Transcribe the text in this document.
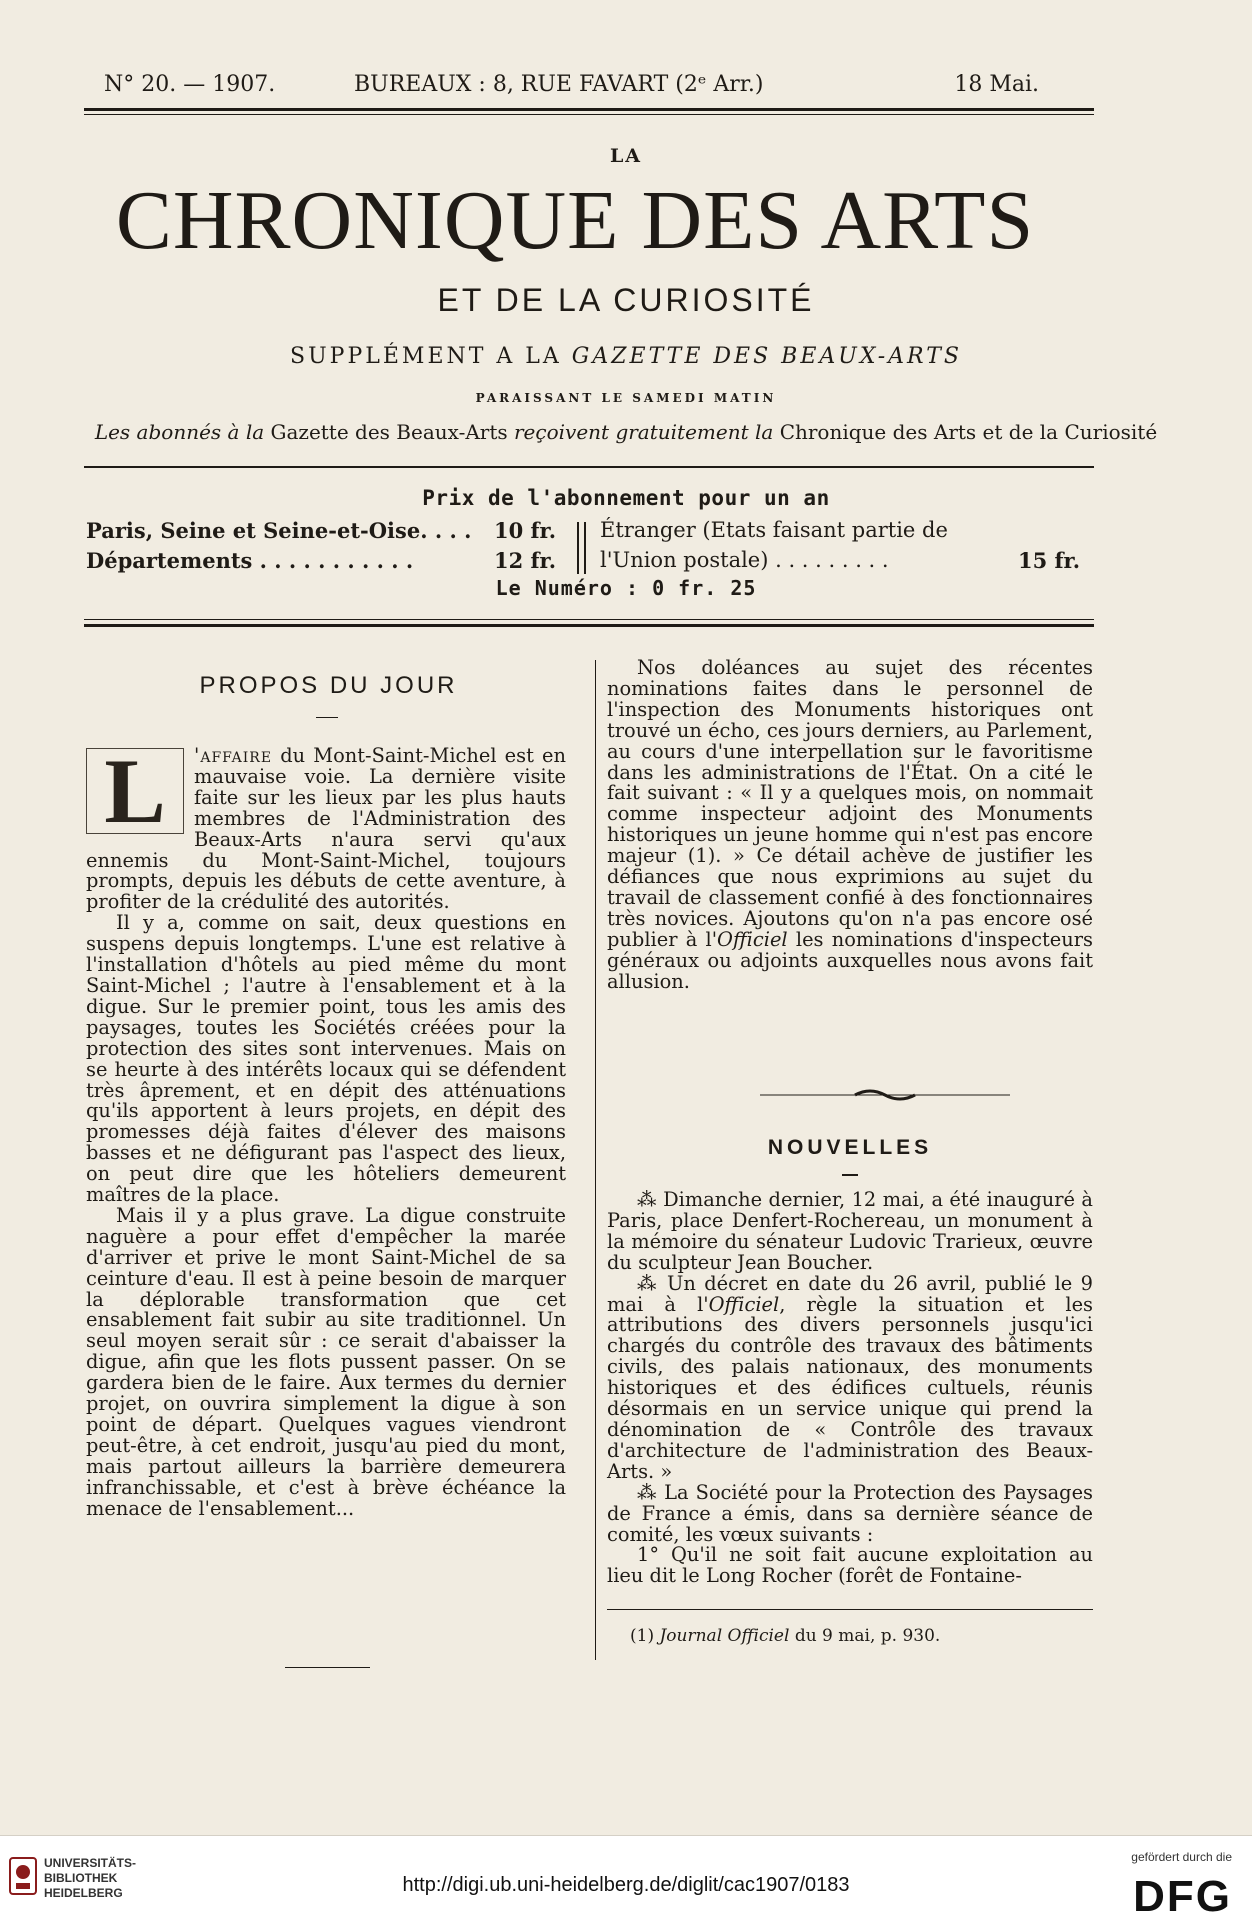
N° 20. — 1907.	BUREAUX : 8, RUE FAVART (2ᵉ Arr.)	18 Mai.
LA
CHRONIQUE DES ARTS
ET DE LA CURIOSITÉ
SUPPLÉMENT A LA GAZETTE DES BEAUX-ARTS
PARAISSANT LE SAMEDI MATIN
Les abonnés à la Gazette des Beaux-Arts reçoivent gratuitement la Chronique des Arts et de la Curiosité
Prix de l'abonnement pour un an
Paris, Seine et Seine-et-Oise. . . . 10 fr.
Départements . . . . . . . . . . .	12 fr.
Étranger (Etats faisant partie de
l'Union postale) . . . . . . . . .	15 fr.
Le Numéro : 0 fr. 25
PROPOS DU JOUR

L	'affaire du Mont-Saint-Michel est en mauvaise voie. La dernière visite faite sur les lieux par les plus hauts membres de l'Administration des Beaux-Arts n'aura servi qu'aux ennemis du Mont-Saint-Michel, toujours prompts, depuis les débuts de cette aventure, à profiter de la crédulité des autorités.

Il y a, comme on sait, deux questions en suspens depuis longtemps. L'une est relative à l'installation d'hôtels au pied même du mont Saint-Michel ; l'autre à l'ensablement et à la digue. Sur le premier point, tous les amis des paysages, toutes les Sociétés créées pour la protection des sites sont intervenues. Mais on se heurte à des intérêts locaux qui se défendent très âprement, et en dépit des atténuations qu'ils apportent à leurs projets, en dépit des promesses déjà faites d'élever des maisons basses et ne défigurant pas l'aspect des lieux, on peut dire que les hôteliers demeurent maîtres de la place.

Mais il y a plus grave. La digue construite naguère a pour effet d'empêcher la marée d'arriver et prive le mont Saint-Michel de sa ceinture d'eau. Il est à peine besoin de marquer la déplorable transformation que cet ensablement fait subir au site traditionnel. Un seul moyen serait sûr : ce serait d'abaisser la digue, afin que les flots pussent passer. On se gardera bien de le faire. Aux termes du dernier projet, on ouvrira simplement la digue à son point de départ. Quelques vagues viendront peut-être, à cet endroit, jusqu'au pied du mont, mais partout ailleurs la barrière demeurera infranchissable, et c'est à brève échéance la menace de l'ensablement...

Nos doléances au sujet des récentes nominations faites dans le personnel de l'inspection des Monuments historiques ont trouvé un écho, ces jours derniers, au Parlement, au cours d'une interpellation sur le favoritisme dans les administrations de l'État. On a cité le fait suivant : « Il y a quelques mois, on nommait comme inspecteur adjoint des Monuments historiques un jeune homme qui n'est pas encore majeur (1). » Ce détail achève de justifier les défiances que nous exprimions au sujet du travail de classement confié à des fonctionnaires très novices. Ajoutons qu'on n'a pas encore osé publier à l'Officiel les nominations d'inspecteurs généraux ou adjoints auxquelles nous avons fait allusion.

NOUVELLES

⁂ Dimanche dernier, 12 mai, a été inauguré à Paris, place Denfert-Rochereau, un monument à la mémoire du sénateur Ludovic Trarieux, œuvre du sculpteur Jean Boucher.

⁂ Un décret en date du 26 avril, publié le 9 mai à l'Officiel, règle la situation et les attributions des divers personnels jusqu'ici chargés du contrôle des travaux des bâtiments civils, des palais nationaux, des monuments historiques et des édifices cultuels, réunis désormais en un service unique qui prend la dénomination de « Contrôle des travaux d'architecture de l'administration des Beaux-Arts. »

⁂ La Société pour la Protection des Paysages de France a émis, dans sa dernière séance de comité, les vœux suivants :

1° Qu'il ne soit fait aucune exploitation au lieu dit le Long Rocher (forêt de Fontaine-

(1) Journal Officiel du 9 mai, p. 930.
UNIVERSITÄTS-
BIBLIOTHEK
HEIDELBERG	http://digi.ub.uni-heidelberg.de/diglit/cac1907/0183
gefördert durch die
DFG
